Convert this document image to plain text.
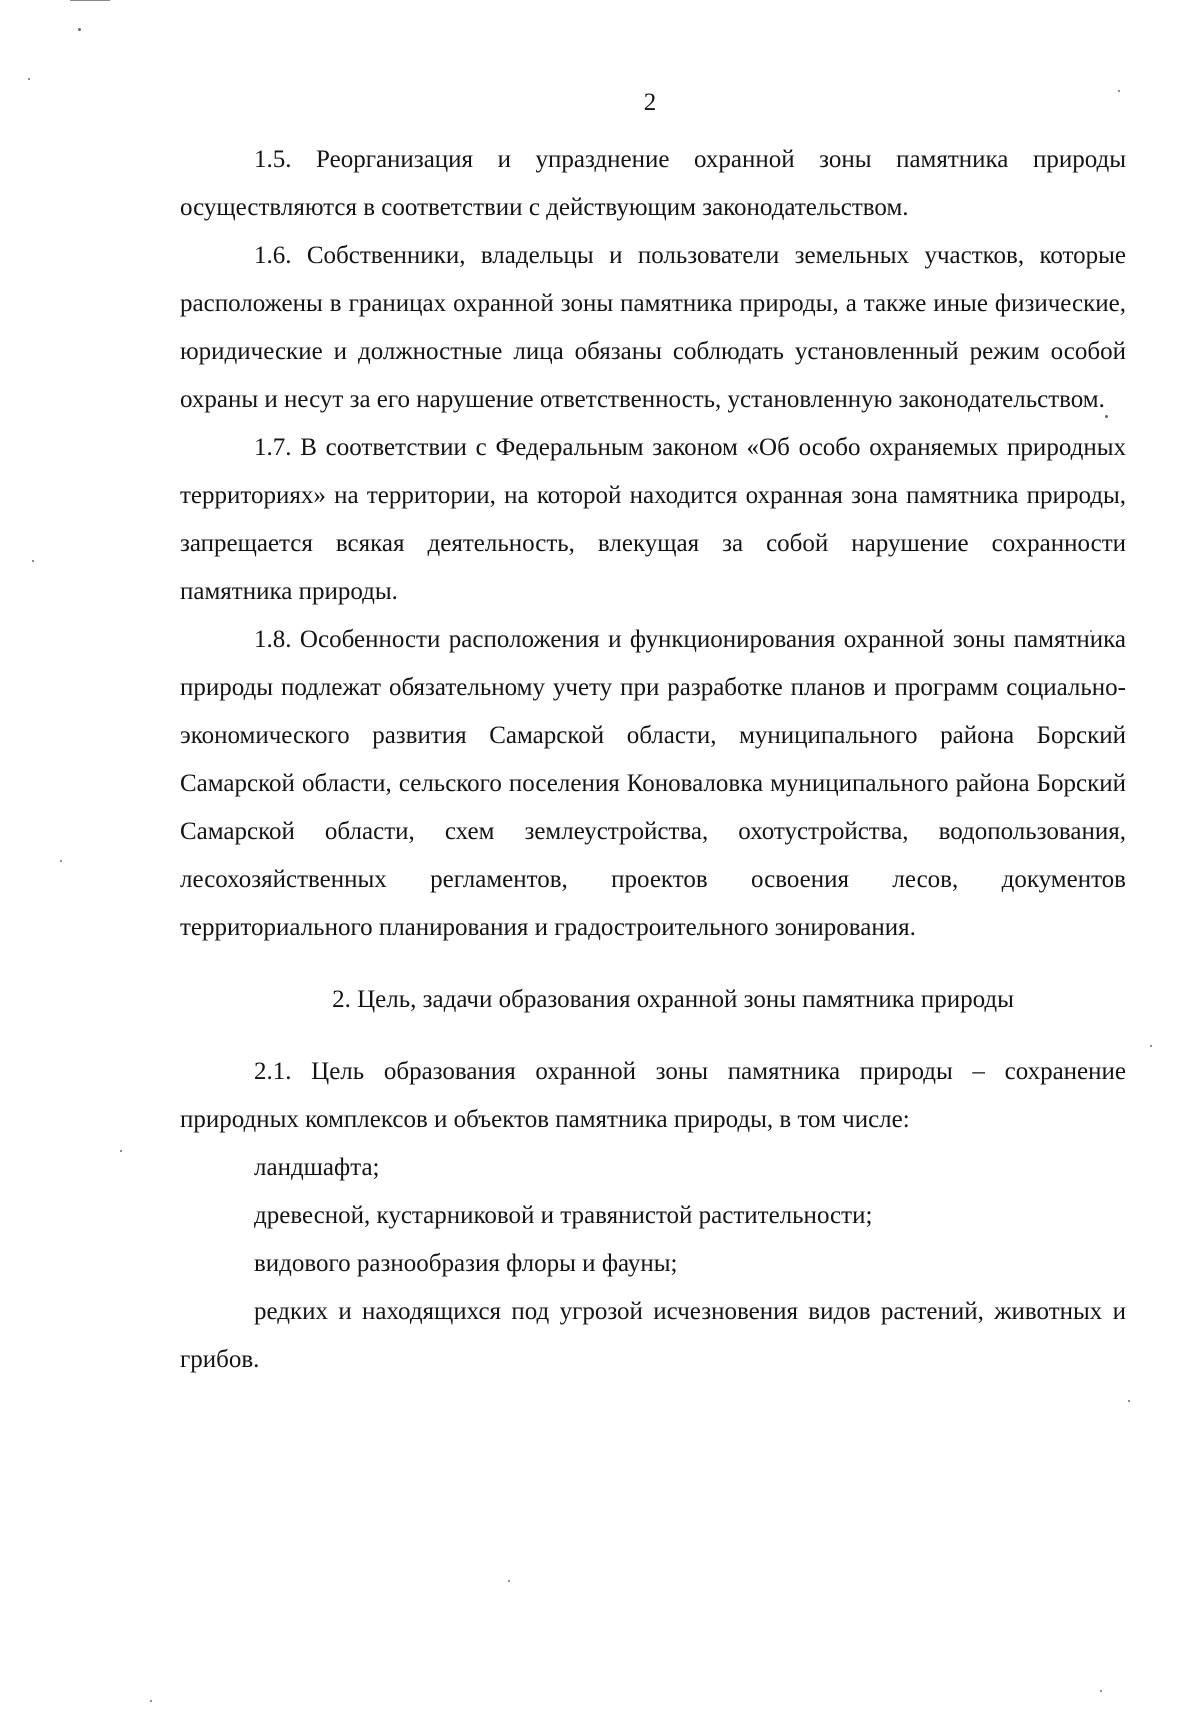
2

1.5. Реорганизация и упразднение охранной зоны памятника природы осуществляются в соответствии с действующим законодательством.

1.6. Собственники, владельцы и пользователи земельных участков, которые расположены в границах охранной зоны памятника природы, а также иные физические, юридические и должностные лица обязаны соблюдать установленный режим особой охраны и несут за его нарушение ответственность, установленную законодательством.

1.7. В соответствии с Федеральным законом «Об особо охраняемых природных территориях» на территории, на которой находится охранная зона памятника природы, запрещается всякая деятельность, влекущая за собой нарушение сохранности памятника природы.

1.8. Особенности расположения и функционирования охранной зоны памятника природы подлежат обязательному учету при разработке планов и программ социально-экономического развития Самарской области, муниципального района Борский Самарской области, сельского поселения Коноваловка муниципального района Борский Самарской области, схем землеустройства, охотустройства, водопользования, лесохозяйственных регламентов, проектов освоения лесов, документов территориального планирования и градостроительного зонирования.

2. Цель, задачи образования охранной зоны памятника природы

2.1. Цель образования охранной зоны памятника природы – сохранение природных комплексов и объектов памятника природы, в том числе:

ландшафта;

древесной, кустарниковой и травянистой растительности;

видового разнообразия флоры и фауны;

редких и находящихся под угрозой исчезновения видов растений, животных и грибов.
